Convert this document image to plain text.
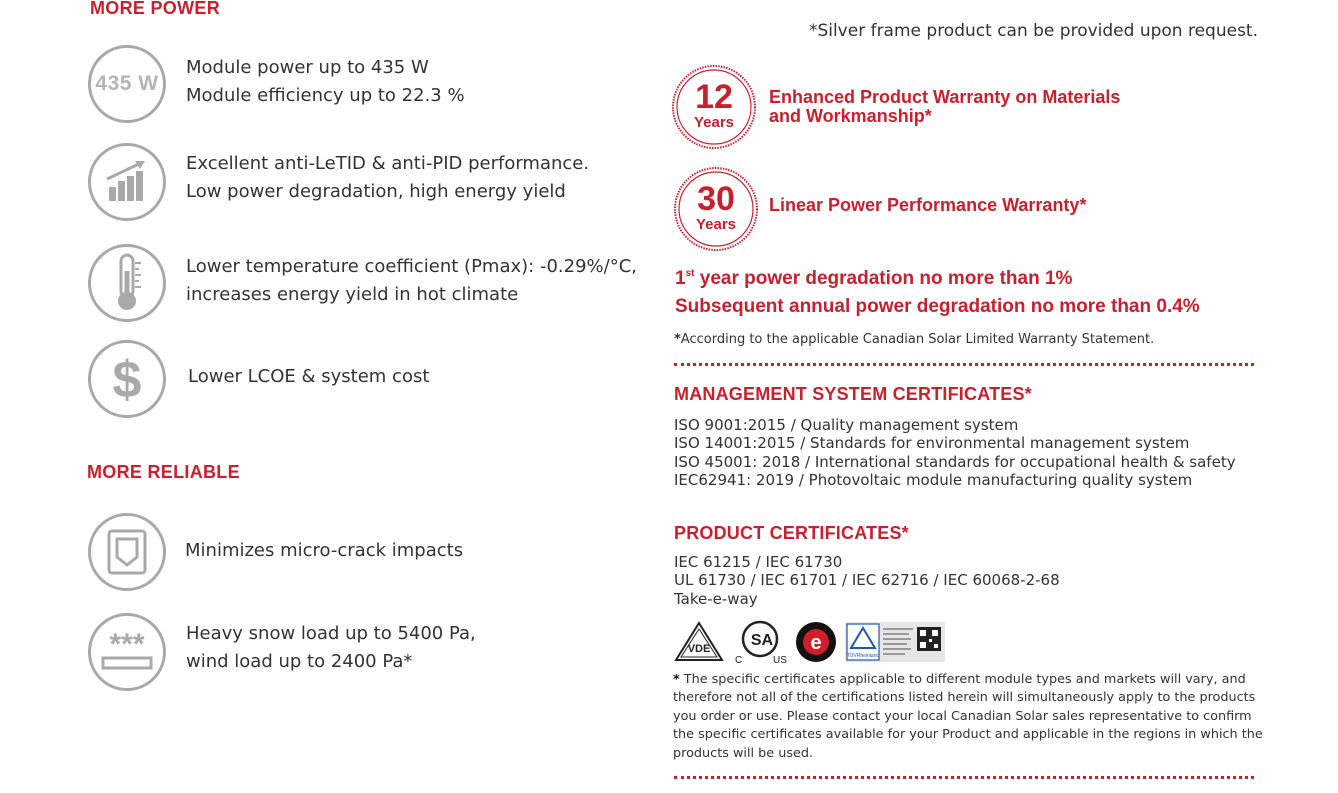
MORE POWER
435 W
Module power up to 435 W
Module efficiency up to 22.3 %
Excellent anti-LeTID & anti-PID performance.
Low power degradation, high energy yield
Lower temperature coefficient (Pmax): -0.29%/°C,
increases energy yield in hot climate
$	Lower LCOE & system cost
MORE RELIABLE
Minimizes micro-crack impacts
*** Heavy snow load up to 5400 Pa,
wind load up to 2400 Pa*
*Silver frame product can be provided upon request.
12
Years
Enhanced Product Warranty on Materials
and Workmanship*
30
Years
Linear Power Performance Warranty*
1st year power degradation no more than 1%
Subsequent annual power degradation no more than 0.4%
*According to the applicable Canadian Solar Limited Warranty Statement.
MANAGEMENT SYSTEM CERTIFICATES*
ISO 9001:2015 / Quality management system
ISO 14001:2015 / Standards for environmental management system
ISO 45001: 2018 / International standards for occupational health & safety
IEC62941: 2019 / Photovoltaic module manufacturing quality system
PRODUCT CERTIFICATES*
IEC 61215 / IEC 61730
UL 61730 / IEC 61701 / IEC 62716 / IEC 60068-2-68
Take-e-way
VDE	SA
C	US
e
TÜVRheinland
* The specific certificates applicable to different module types and markets will vary, and therefore not all of the certifications listed herein will simultaneously apply to the products you order or use. Please contact your local Canadian Solar sales representative to confirm the specific certificates available for your Product and applicable in the regions in which the products will be used.
